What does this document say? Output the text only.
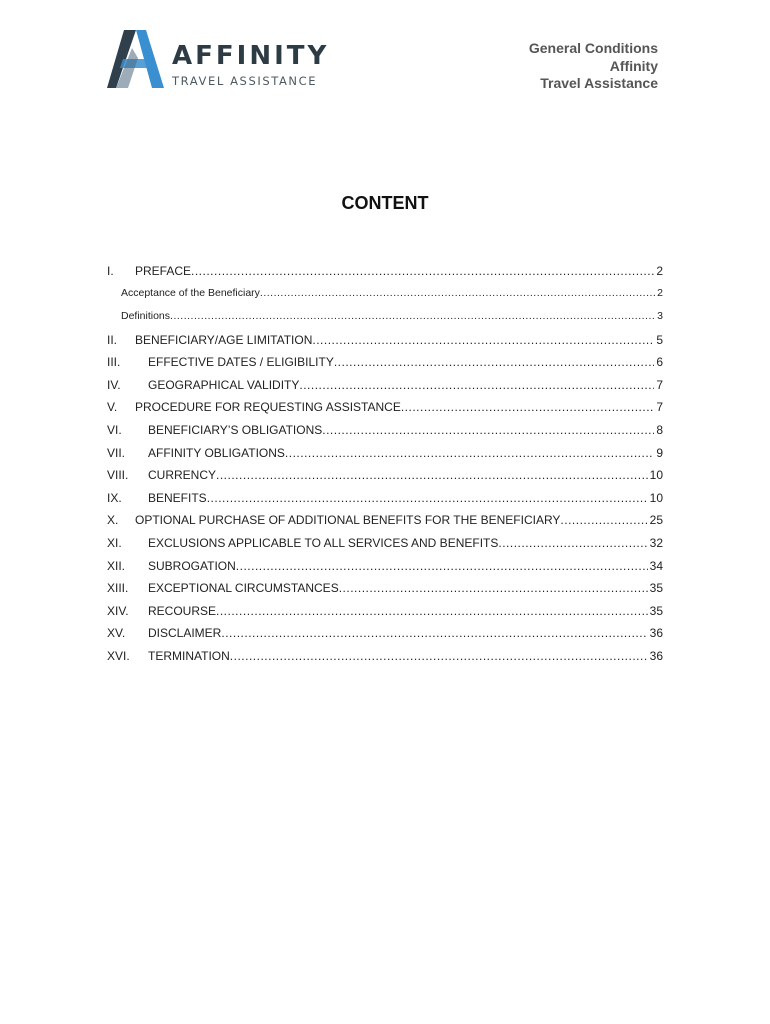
AFFINITY
TRAVEL ASSISTANCE
General Conditions
Affinity
Travel Assistance
CONTENT
I.	PREFACE .....	2
Acceptance of the Beneficiary .....	2
Definitions .....	3
II.	BENEFICIARY/AGE LIMITATION .....	5
III.	EFFECTIVE DATES / ELIGIBILITY .....	6
IV.	GEOGRAPHICAL VALIDITY .....	7
V.	PROCEDURE FOR REQUESTING ASSISTANCE .....	7
VI.	BENEFICIARY’S OBLIGATIONS .....	8
VII.	AFFINITY OBLIGATIONS .....	9
VIII.	CURRENCY .....	10
IX.	BENEFITS .....	10
X.	OPTIONAL PURCHASE OF ADDITIONAL BENEFITS FOR THE BENEFICIARY .....	25
XI.	EXCLUSIONS APPLICABLE TO ALL SERVICES AND BENEFITS .....	32
XII.	SUBROGATION .....	34
XIII.	EXCEPTIONAL CIRCUMSTANCES .....	35
XIV.	RECOURSE .....	35
XV.	DISCLAIMER .....	36
XVI.	TERMINATION .....	36
